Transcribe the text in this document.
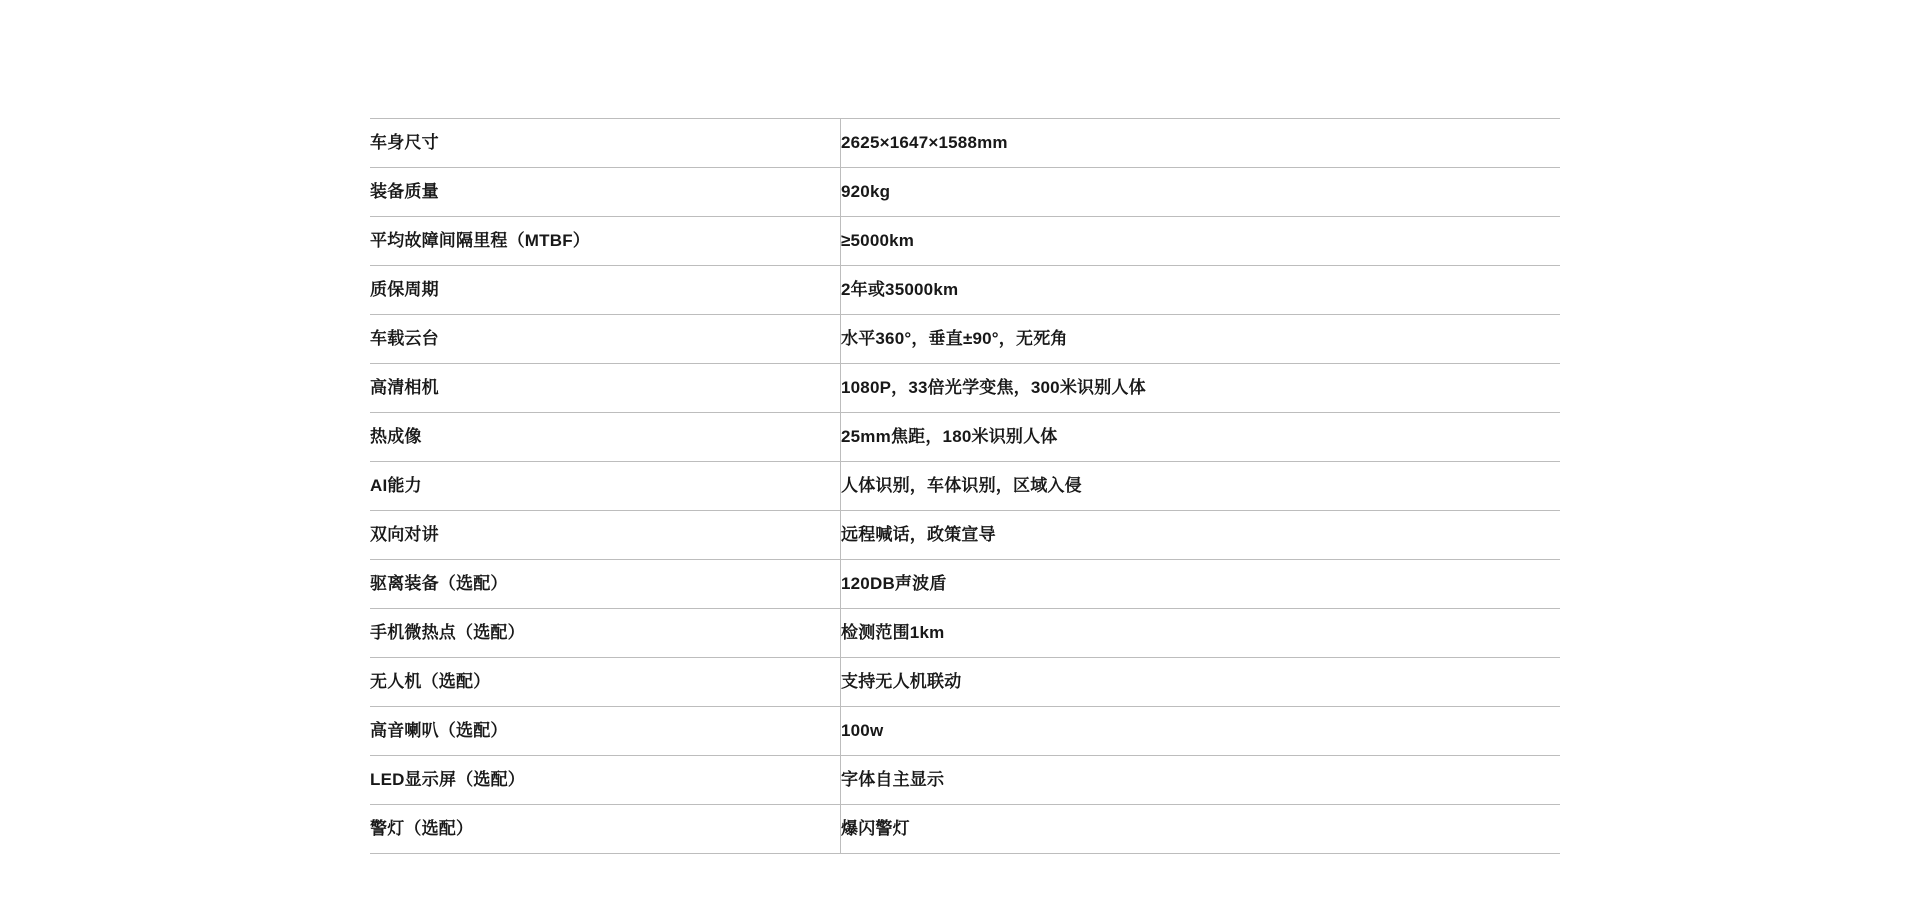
车身尺寸	2625×1647×1588mm

装备质量	920kg

平均故障间隔里程（MTBF）	≥5000km

质保周期	2年或35000km

车载云台	水平360°，垂直±90°，无死角

高清相机	1080P，33倍光学变焦，300米识别人体

热成像	25mm焦距，180米识别人体

AI能力	人体识别，车体识别，区域入侵

双向对讲	远程喊话，政策宣导

驱离装备（选配）	120DB声波盾

手机微热点（选配）	检测范围1km

无人机（选配）	支持无人机联动

高音喇叭（选配）	100w

LED显示屏（选配）	字体自主显示

警灯（选配）	爆闪警灯
